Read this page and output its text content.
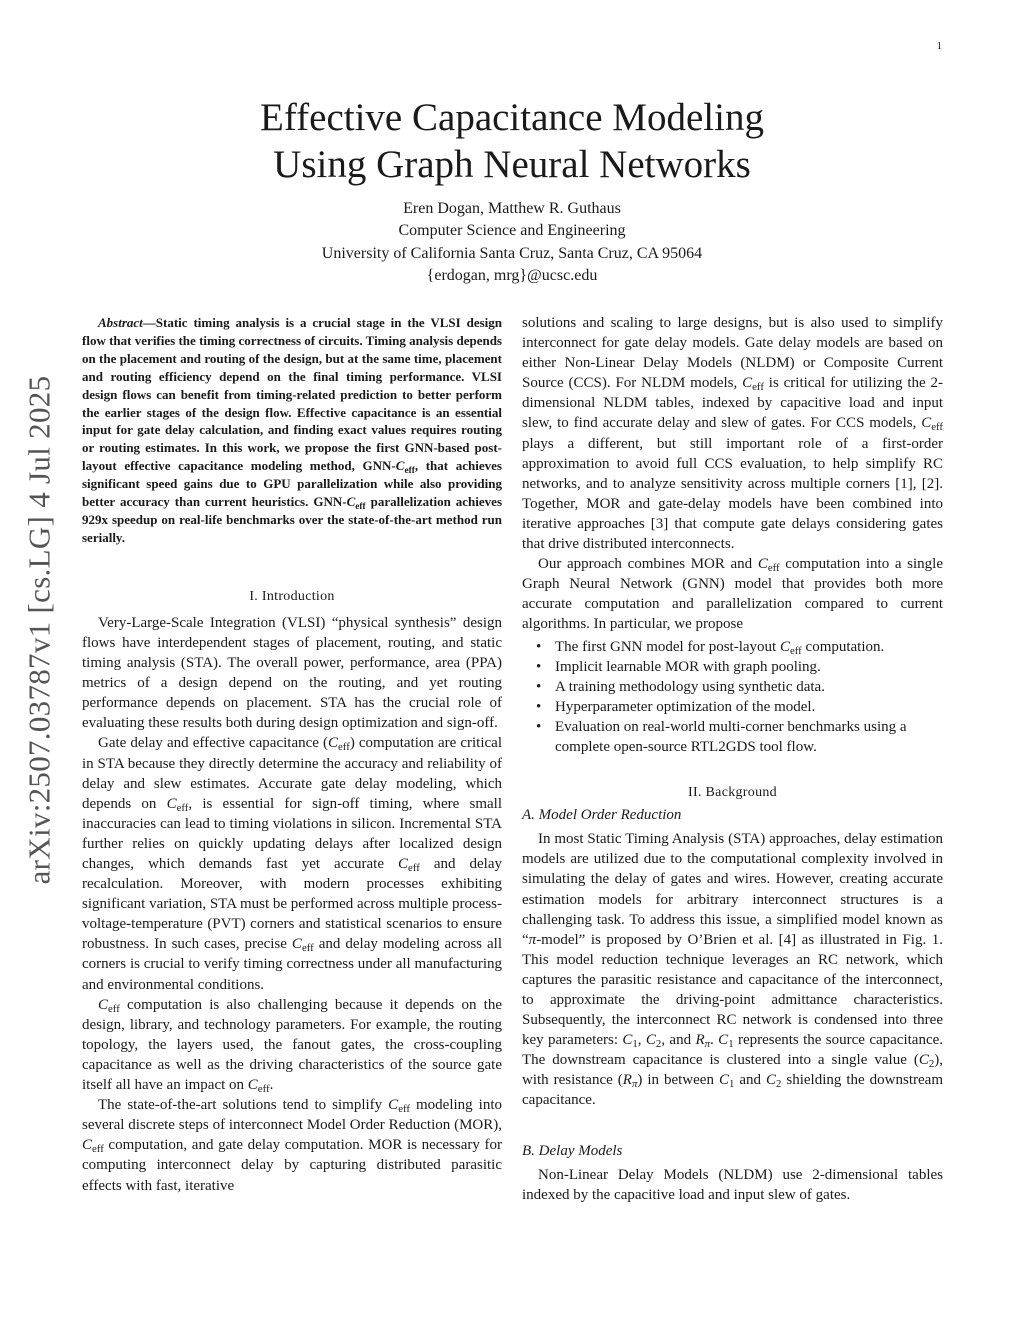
1
arXiv:2507.03787v1 [cs.LG] 4 Jul 2025
Effective Capacitance Modeling
Using Graph Neural Networks
Eren Dogan, Matthew R. Guthaus
Computer Science and Engineering
University of California Santa Cruz, Santa Cruz, CA 95064
{erdogan, mrg}@ucsc.edu

Abstract—Static timing analysis is a crucial stage in the VLSI design flow that verifies the timing correctness of circuits. Timing analysis depends on the placement and routing of the design, but at the same time, placement and routing efficiency depend on the final timing performance. VLSI design flows can benefit from timing-related prediction to better perform the earlier stages of the design flow. Effective capacitance is an essential input for gate delay calculation, and finding exact values requires routing or routing estimates. In this work, we propose the first GNN-based post-layout effective capacitance modeling method, GNN-$C_{eff}$, that achieves significant speed gains due to GPU parallelization while also providing better accuracy than current heuristics. GNN-$C_{eff}$ parallelization achieves 929x speedup on real-life benchmarks over the state-of-the-art method run serially.

I. Introduction

Very-Large-Scale Integration (VLSI) “physical synthesis” design flows have interdependent stages of placement, routing, and static timing analysis (STA). The overall power, performance, area (PPA) metrics of a design depend on the routing, and yet routing performance depends on placement. STA has the crucial role of evaluating these results both during design optimization and sign-off.

Gate delay and effective capacitance $(C_{eff})$ computation are critical in STA because they directly determine the accuracy and reliability of delay and slew estimates. Accurate gate delay modeling, which depends on $C_{eff}$, is essential for sign-off timing, where small inaccuracies can lead to timing violations in silicon. Incremental STA further relies on quickly updating delays after localized design changes, which demands fast yet accurate $C_{eff}$ and delay recalculation. Moreover, with modern processes exhibiting significant variation, STA must be performed across multiple process-voltage-temperature (PVT) corners and statistical scenarios to ensure robustness. In such cases, precise $C_{eff}$ and delay modeling across all corners is crucial to verify timing correctness under all manufacturing and environmental conditions.

$C_{eff}$ computation is also challenging because it depends on the design, library, and technology parameters. For example, the routing topology, the layers used, the fanout gates, the cross-coupling capacitance as well as the driving characteristics of the source gate itself all have an impact on $C_{eff}$.

The state-of-the-art solutions tend to simplify $C_{eff}$ modeling into several discrete steps of interconnect Model Order Reduction (MOR), $C_{eff}$ computation, and gate delay computation. MOR is necessary for computing interconnect delay by capturing distributed parasitic effects with fast, iterative

solutions and scaling to large designs, but is also used to simplify interconnect for gate delay models. Gate delay models are based on either Non-Linear Delay Models (NLDM) or Composite Current Source (CCS). For NLDM models, $C_{eff}$ is critical for utilizing the 2-dimensional NLDM tables, indexed by capacitive load and input slew, to find accurate delay and slew of gates. For CCS models, $C_{eff}$ plays a different, but still important role of a first-order approximation to avoid full CCS evaluation, to help simplify RC networks, and to analyze sensitivity across multiple corners [1], [2]. Together, MOR and gate-delay models have been combined into iterative approaches [3] that compute gate delays considering gates that drive distributed interconnects.

Our approach combines MOR and $C_{eff}$ computation into a single Graph Neural Network (GNN) model that provides both more accurate computation and parallelization compared to current algorithms. In particular, we propose

• The first GNN model for post-layout $C_{eff}$ computation.
• Implicit learnable MOR with graph pooling.
• A training methodology using synthetic data.
• Hyperparameter optimization of the model.
• Evaluation on real-world multi-corner benchmarks using a complete open-source RTL2GDS tool flow.
II. Background
A. Model Order Reduction

In most Static Timing Analysis (STA) approaches, delay estimation models are utilized due to the computational complexity involved in simulating the delay of gates and wires. However, creating accurate estimation models for arbitrary interconnect structures is a challenging task. To address this issue, a simplified model known as “π-model” is proposed by O’Brien et al. [4] as illustrated in Fig. 1. This model reduction technique leverages an RC network, which captures the parasitic resistance and capacitance of the interconnect, to approximate the driving-point admittance characteristics. Subsequently, the interconnect RC network is condensed into three key parameters: $C_1$, $C_2$, and $R_\pi$. $C_1$ represents the source capacitance. The downstream capacitance is clustered into a single value $(C_2)$, with resistance $(R_\pi)$ in between $C_1$ and $C_2$ shielding the downstream capacitance.

B. Delay Models

Non-Linear Delay Models (NLDM) use 2-dimensional tables indexed by the capacitive load and input slew of gates.
